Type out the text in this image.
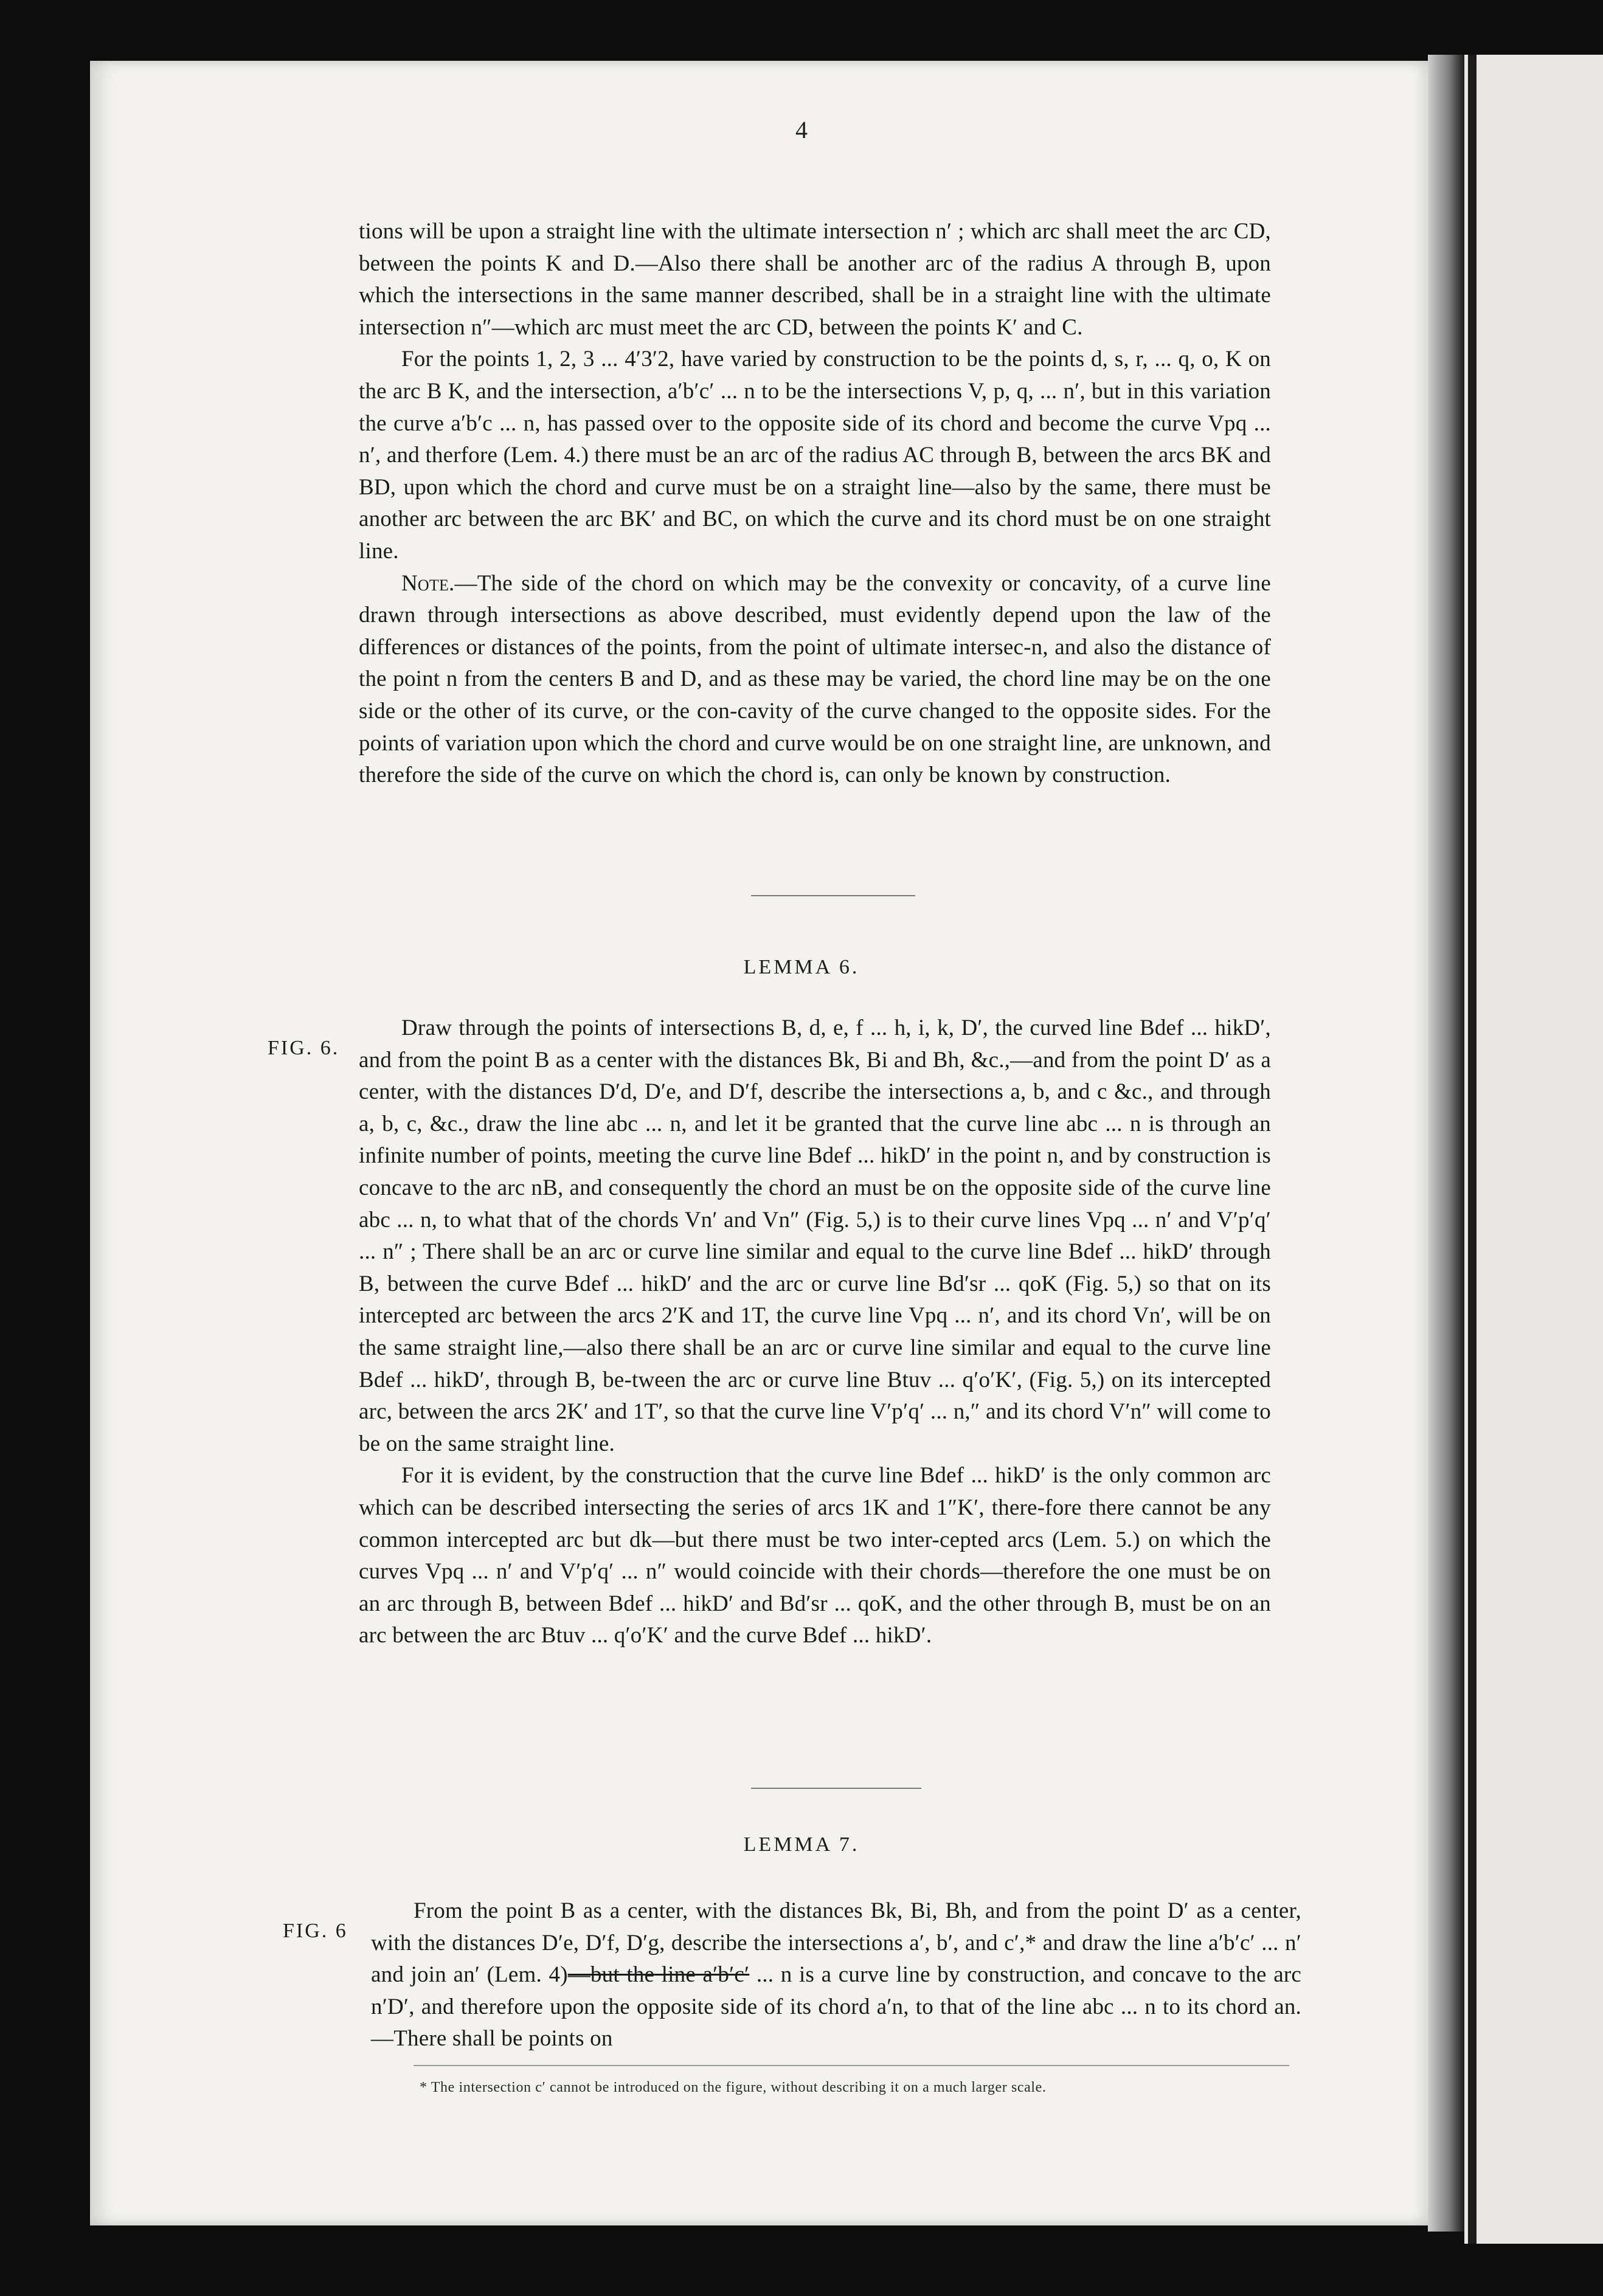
4

tions will be upon a straight line with the ultimate intersection n′ ; which arc shall meet the arc CD, between the points K and D.—Also there shall be another arc of the radius A through B, upon which the intersections in the same manner described, shall be in a straight line with the ultimate intersection n″—which arc must meet the arc CD, between the points K′ and C.

For the points 1, 2, 3 ... 4′3′2, have varied by construction to be the points d, s, r, ... q, o, K on the arc B K, and the intersection, a′b′c′ ... n to be the intersections V, p, q, ... n′, but in this variation the curve a′b′c ... n, has passed over to the opposite side of its chord and become the curve Vpq ... n′, and therfore (Lem. 4.) there must be an arc of the radius AC through B, between the arcs BK and BD, upon which the chord and curve must be on a straight line—also by the same, there must be another arc between the arc BK′ and BC, on which the curve and its chord must be on one straight line.

Note.—The side of the chord on which may be the convexity or concavity, of a curve line drawn through intersections as above described, must evidently depend upon the law of the differences or distances of the points, from the point of ultimate intersec-n, and also the distance of the point n from the centers B and D, and as these may be varied, the chord line may be on the one side or the other of its curve, or the con-cavity of the curve changed to the opposite sides. For the points of variation upon which the chord and curve would be on one straight line, are unknown, and therefore the side of the curve on which the chord is, can only be known by construction.

LEMMA 6.
FIG. 6.

Draw through the points of intersections B, d, e, f ... h, i, k, D′, the curved line Bdef ... hikD′, and from the point B as a center with the distances Bk, Bi and Bh, &c.,—and from the point D′ as a center, with the distances D′d, D′e, and D′f, describe the intersections a, b, and c &c., and through a, b, c, &c., draw the line abc ... n, and let it be granted that the curve line abc ... n is through an infinite number of points, meeting the curve line Bdef ... hikD′ in the point n, and by construction is concave to the arc nB, and consequently the chord an must be on the opposite side of the curve line abc ... n, to what that of the chords Vn′ and Vn″ (Fig. 5,) is to their curve lines Vpq ... n′ and V′p′q′ ... n″ ; There shall be an arc or curve line similar and equal to the curve line Bdef ... hikD′ through B, between the curve Bdef ... hikD′ and the arc or curve line Bd′sr ... qoK (Fig. 5,) so that on its intercepted arc between the arcs 2′K and 1T, the curve line Vpq ... n′, and its chord Vn′, will be on the same straight line,—also there shall be an arc or curve line similar and equal to the curve line Bdef ... hikD′, through B, be-tween the arc or curve line Btuv ... q′o′K′, (Fig. 5,) on its intercepted arc, between the arcs 2K′ and 1T′, so that the curve line V′p′q′ ... n,″ and its chord V′n″ will come to be on the same straight line.

For it is evident, by the construction that the curve line Bdef ... hikD′ is the only common arc which can be described intersecting the series of arcs 1K and 1″K′, there-fore there cannot be any common intercepted arc but dk—but there must be two inter-cepted arcs (Lem. 5.) on which the curves Vpq ... n′ and V′p′q′ ... n″ would coincide with their chords—therefore the one must be on an arc through B, between Bdef ... hikD′ and Bd′sr ... qoK, and the other through B, must be on an arc between the arc Btuv ... q′o′K′ and the curve Bdef ... hikD′.

LEMMA 7.
FIG. 6

From the point B as a center, with the distances Bk, Bi, Bh, and from the point D′ as a center, with the distances D′e, D′f, D′g, describe the intersections a′, b′, and c′,* and draw the line a′b′c′ ... n′ and join an′ (Lem. 4)—but the line a′b′c′ ... n is a curve line by construction, and concave to the arc n′D′, and therefore upon the opposite side of its chord a′n, to that of the line abc ... n to its chord an.—There shall be points on

* The intersection c′ cannot be introduced on the figure, without describing it on a much larger scale.
